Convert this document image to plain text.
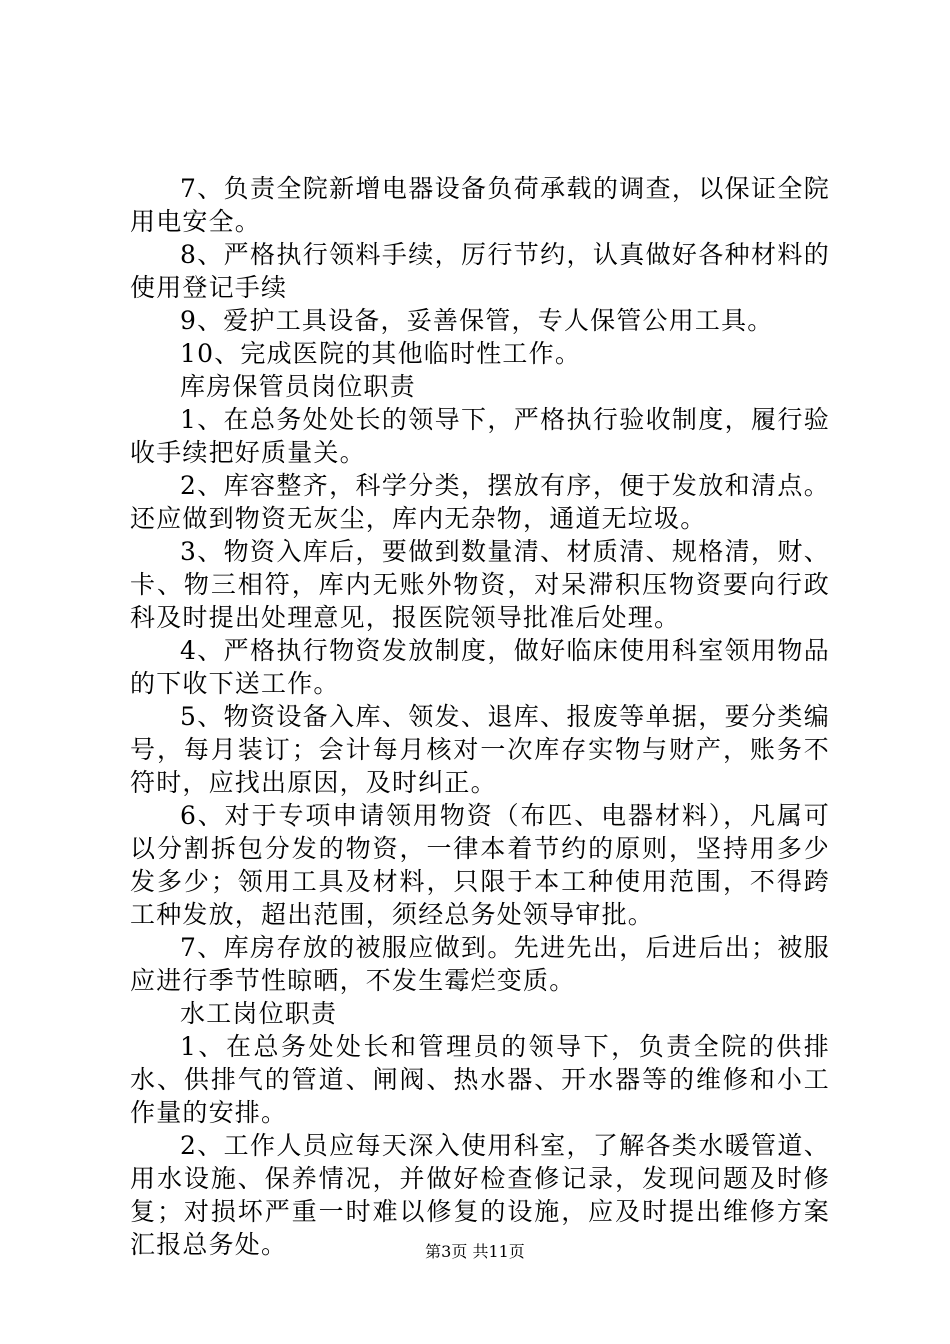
7、负责全院新增电器设备负荷承载的调查，以保证全院用电安全。

8、严格执行领料手续，厉行节约，认真做好各种材料的使用登记手续

9、爱护工具设备，妥善保管，专人保管公用工具。

10、完成医院的其他临时性工作。

库房保管员岗位职责

1、在总务处处长的领导下，严格执行验收制度，履行验收手续把好质量关。

2、库容整齐，科学分类，摆放有序，便于发放和清点。还应做到物资无灰尘，库内无杂物，通道无垃圾。

3、物资入库后，要做到数量清、材质清、规格清，财、卡、物三相符，库内无账外物资，对呆滞积压物资要向行政科及时提出处理意见，报医院领导批准后处理。

4、严格执行物资发放制度，做好临床使用科室领用物品的下收下送工作。

5、物资设备入库、领发、退库、报废等单据，要分类编号，每月装订；会计每月核对一次库存实物与财产，账务不符时，应找出原因，及时纠正。

6、对于专项申请领用物资（布匹、电器材料），凡属可以分割拆包分发的物资，一律本着节约的原则，坚持用多少发多少；领用工具及材料，只限于本工种使用范围，不得跨工种发放，超出范围，须经总务处领导审批。

7、库房存放的被服应做到。先进先出，后进后出；被服应进行季节性晾晒，不发生霉烂变质。

水工岗位职责

1、在总务处处长和管理员的领导下，负责全院的供排水、供排气的管道、闸阀、热水器、开水器等的维修和小工作量的安排。

2、工作人员应每天深入使用科室，了解各类水暖管道、用水设施、保养情况，并做好检查修记录，发现问题及时修复；对损坏严重一时难以修复的设施，应及时提出维修方案汇报总务处。	第3页 共11页
